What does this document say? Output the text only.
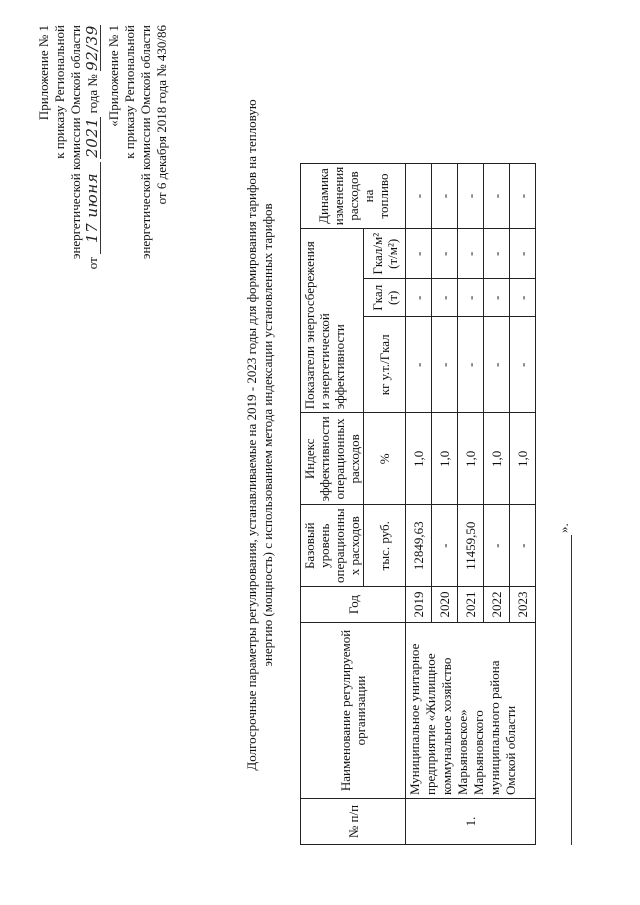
Приложение № 1 к приказу Региональной энергетической комиссии Омской области
от 17 июня 2021 года № 92/39 «Приложение № 1 к приказу Региональной энергетической комиссии Омской области от 6 декабря 2018 года № 430/86	Долгосрочные параметры регулирования, устанавливаемые на 2019 - 2023 годы для формирования тарифов на тепловую энергию (мощность) с использованием метода индексации установленных тарифов
№ п/п	Наименование регулируемой организации	Год	Базовый уровень операционны х расходов	Индекс эффективности операционных расходов	Показатели энергосбережения и энергетической эффективности			Динамика изменения расходов на топливо
			тыс. руб.	%	кг у.т./Гкал	Гкал (т)	Гкал/м² (т/м²)	
1.	Муниципальное унитарное предприятие «Жилищное коммунальное хозяйство Марьяновское» Марьяновского муниципального района Омской области	2019	12849,63	1,0	-	-	-	-
		2020	-	1,0	-	-	-	-
		2021	11459,50	1,0	-	-	-	-
		2022	-	1,0	-	-	-	-
		2023	-	1,0	-	-	-	-
».
